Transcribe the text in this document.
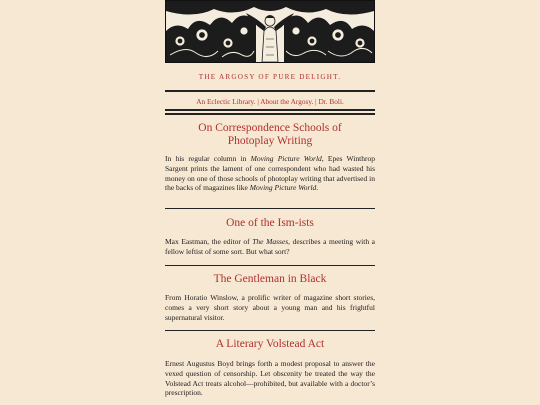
THE ARGOSY OF PURE DELIGHT.
An Eclectic Library. | About the Argosy. | Dr. Boli.
On Correspondence Schools of
Photoplay Writing

In his regular column in Moving Picture World, Epes Winthrop Sargent prints the lament of one correspondent who had wasted his money on one of those schools of photoplay writing that advertised in the backs of magazines like Moving Picture World.

One of the Ism-ists

Max Eastman, the editor of The Masses, describes a meeting with a fellow leftist of some sort. But what sort?

The Gentleman in Black

From Horatio Winslow, a prolific writer of magazine short stories, comes a very short story about a young man and his frightful supernatural visitor.

A Literary Volstead Act

Ernest Augustus Boyd brings forth a modest proposal to answer the vexed question of censorship. Let obscenity be treated the way the Volstead Act treats alcohol—prohibited, but available with a doctor’s prescription.
